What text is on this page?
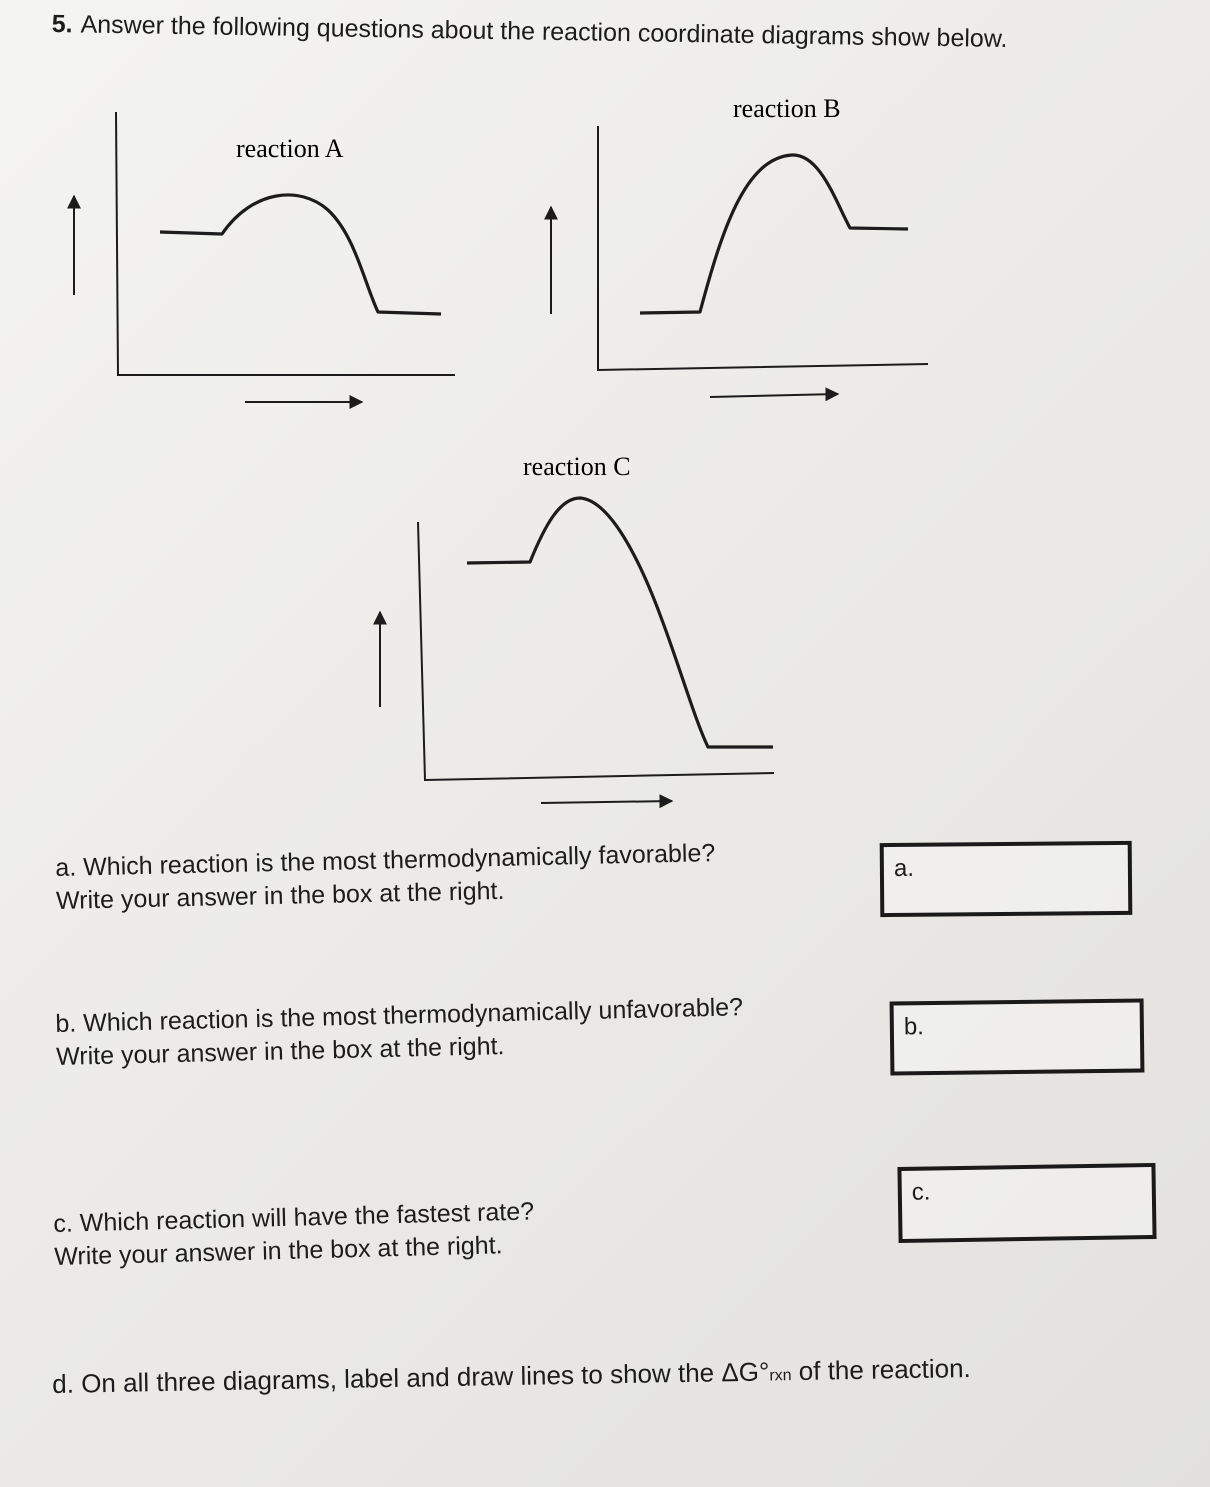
5. Answer the following questions about the reaction coordinate diagrams show below.
reaction A
reaction B
reaction C
a. Which reaction is the most thermodynamically favorable?
Write your answer in the box at the right.
a.
b. Which reaction is the most thermodynamically unfavorable?
Write your answer in the box at the right.
b.
c. Which reaction will have the fastest rate?
Write your answer in the box at the right.
c.
d. On all three diagrams, label and draw lines to show the ΔG°rxn of the reaction.
